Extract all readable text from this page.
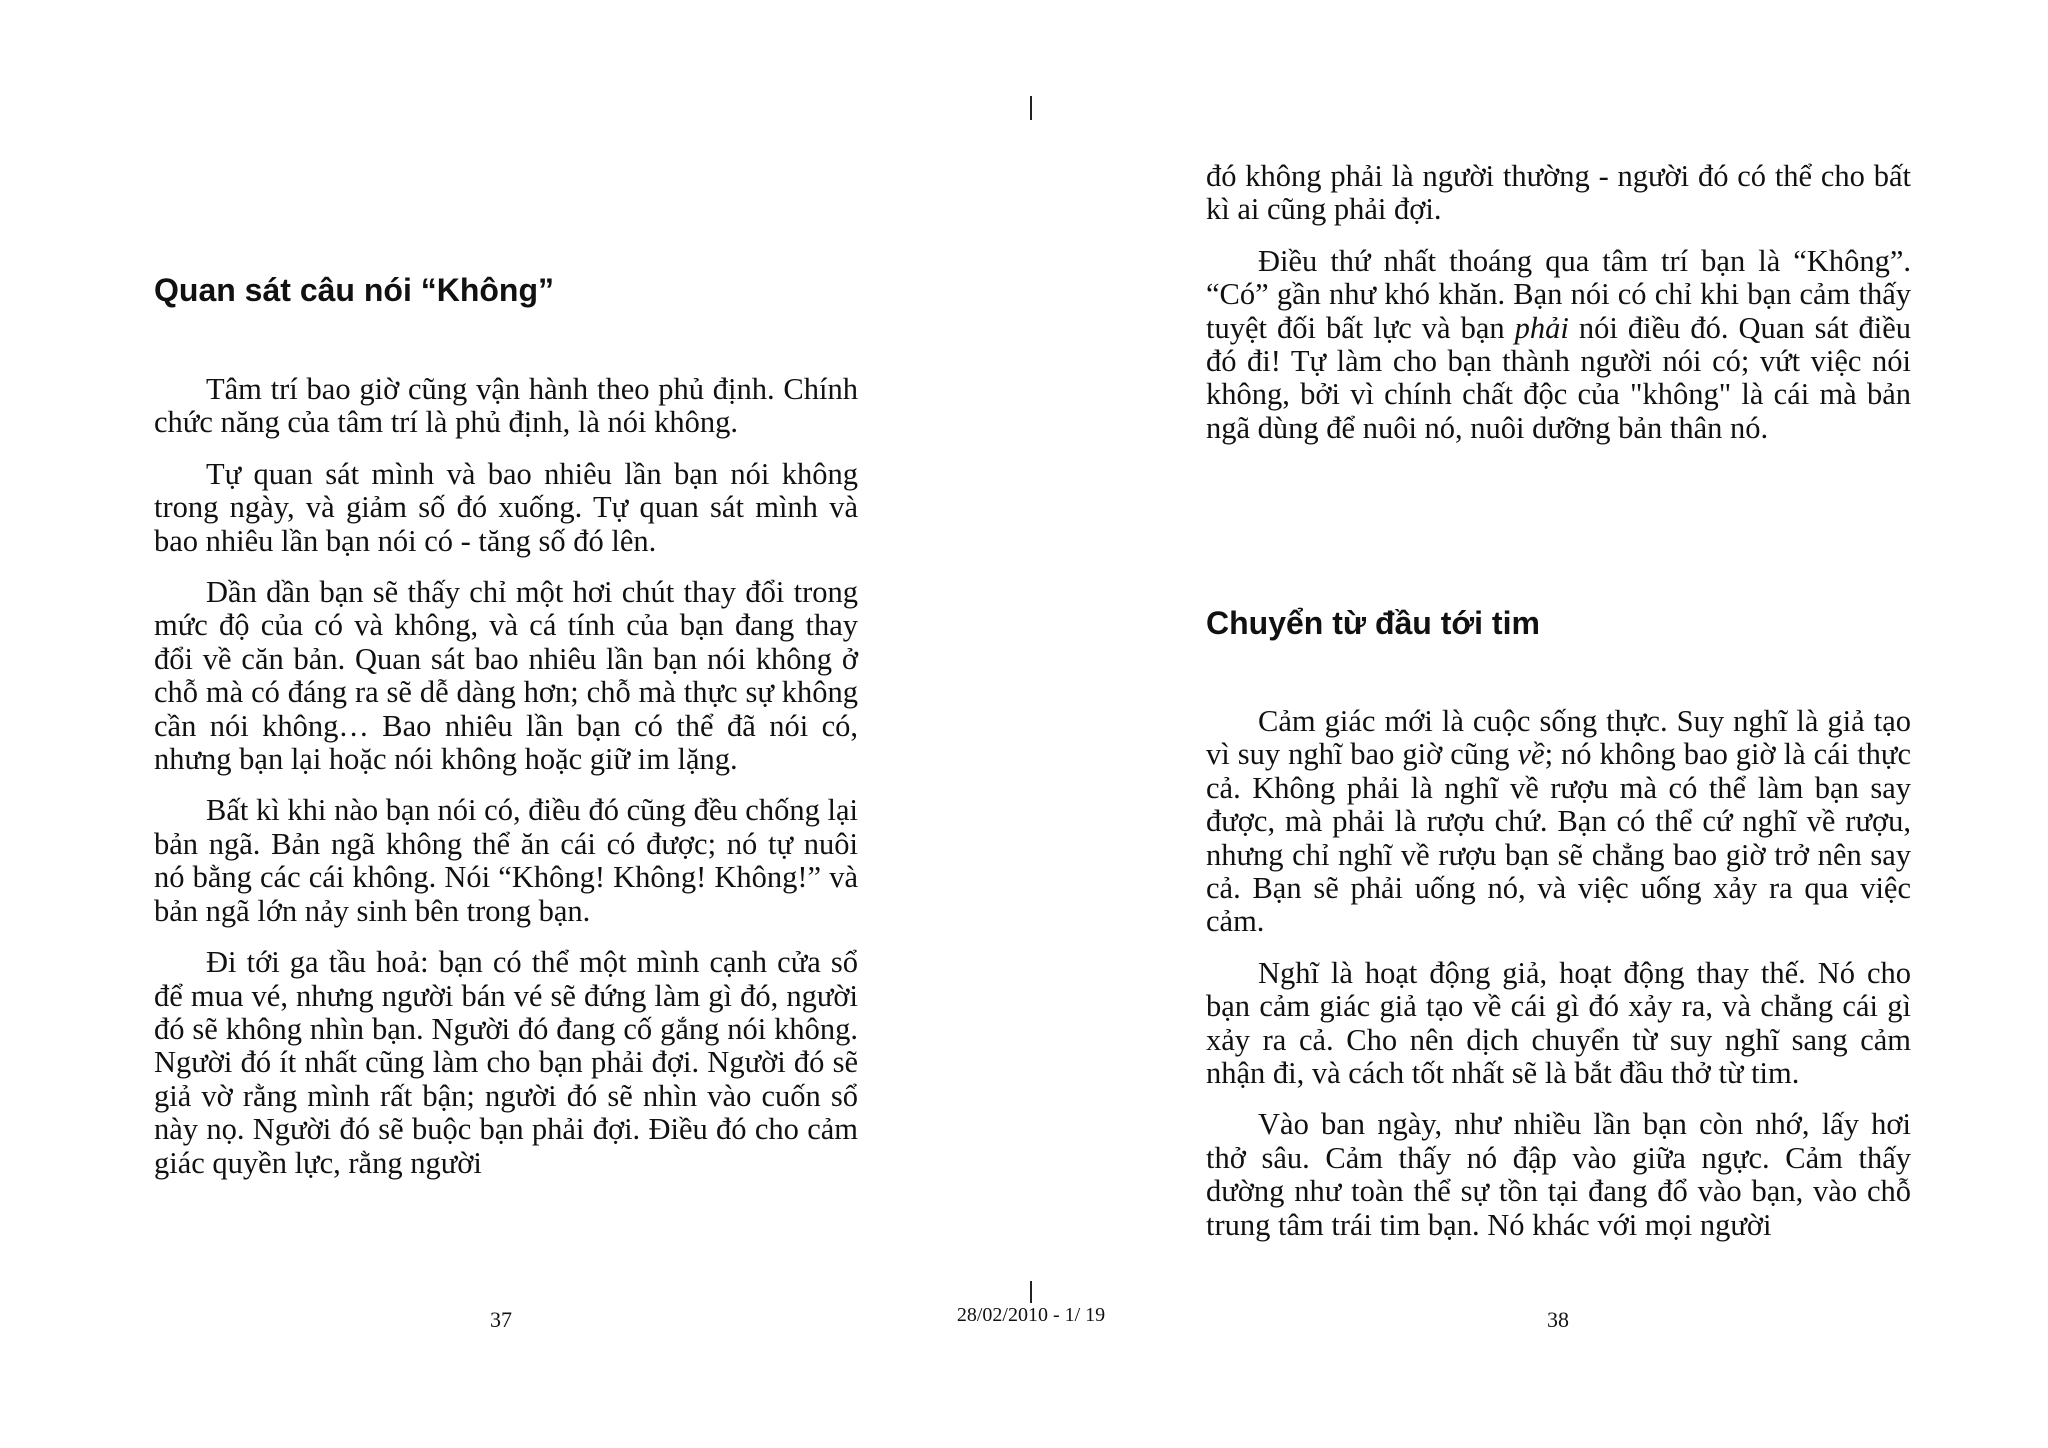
Quan sát câu nói “Không”

Tâm trí bao giờ cũng vận hành theo phủ định. Chính chức năng của tâm trí là phủ định, là nói không.

Tự quan sát mình và bao nhiêu lần bạn nói không trong ngày, và giảm số đó xuống. Tự quan sát mình và bao nhiêu lần bạn nói có - tăng số đó lên.

Dần dần bạn sẽ thấy chỉ một hơi chút thay đổi trong mức độ của có và không, và cá tính của bạn đang thay đổi về căn bản. Quan sát bao nhiêu lần bạn nói không ở chỗ mà có đáng ra sẽ dễ dàng hơn; chỗ mà thực sự không cần nói không… Bao nhiêu lần bạn có thể đã nói có, nhưng bạn lại hoặc nói không hoặc giữ im lặng.

Bất kì khi nào bạn nói có, điều đó cũng đều chống lại bản ngã. Bản ngã không thể ăn cái có được; nó tự nuôi nó bằng các cái không. Nói “Không! Không! Không!” và bản ngã lớn nảy sinh bên trong bạn.

Đi tới ga tầu hoả: bạn có thể một mình cạnh cửa sổ để mua vé, nhưng người bán vé sẽ đứng làm gì đó, người đó sẽ không nhìn bạn. Người đó đang cố gắng nói không. Người đó ít nhất cũng làm cho bạn phải đợi. Người đó sẽ giả vờ rằng mình rất bận; người đó sẽ nhìn vào cuốn sổ này nọ. Người đó sẽ buộc bạn phải đợi. Điều đó cho cảm giác quyền lực, rằng người

đó không phải là người thường - người đó có thể cho bất kì ai cũng phải đợi.

Điều thứ nhất thoáng qua tâm trí bạn là “Không”. “Có” gần như khó khăn. Bạn nói có chỉ khi bạn cảm thấy tuyệt đối bất lực và bạn phải nói điều đó. Quan sát điều đó đi! Tự làm cho bạn thành người nói có; vứt việc nói không, bởi vì chính chất độc của "không" là cái mà bản ngã dùng để nuôi nó, nuôi dưỡng bản thân nó.

Chuyển từ đầu tới tim

Cảm giác mới là cuộc sống thực. Suy nghĩ là giả tạo vì suy nghĩ bao giờ cũng về; nó không bao giờ là cái thực cả. Không phải là nghĩ về rượu mà có thể làm bạn say được, mà phải là rượu chứ. Bạn có thể cứ nghĩ về rượu, nhưng chỉ nghĩ về rượu bạn sẽ chẳng bao giờ trở nên say cả. Bạn sẽ phải uống nó, và việc uống xảy ra qua việc cảm.

Nghĩ là hoạt động giả, hoạt động thay thế. Nó cho bạn cảm giác giả tạo về cái gì đó xảy ra, và chẳng cái gì xảy ra cả. Cho nên dịch chuyển từ suy nghĩ sang cảm nhận đi, và cách tốt nhất sẽ là bắt đầu thở từ tim.

Vào ban ngày, như nhiều lần bạn còn nhớ, lấy hơi thở sâu. Cảm thấy nó đập vào giữa ngực. Cảm thấy dường như toàn thể sự tồn tại đang đổ vào bạn, vào chỗ trung tâm trái tim bạn. Nó khác với mọi người

37	28/02/2010 - 1/ 19	38
